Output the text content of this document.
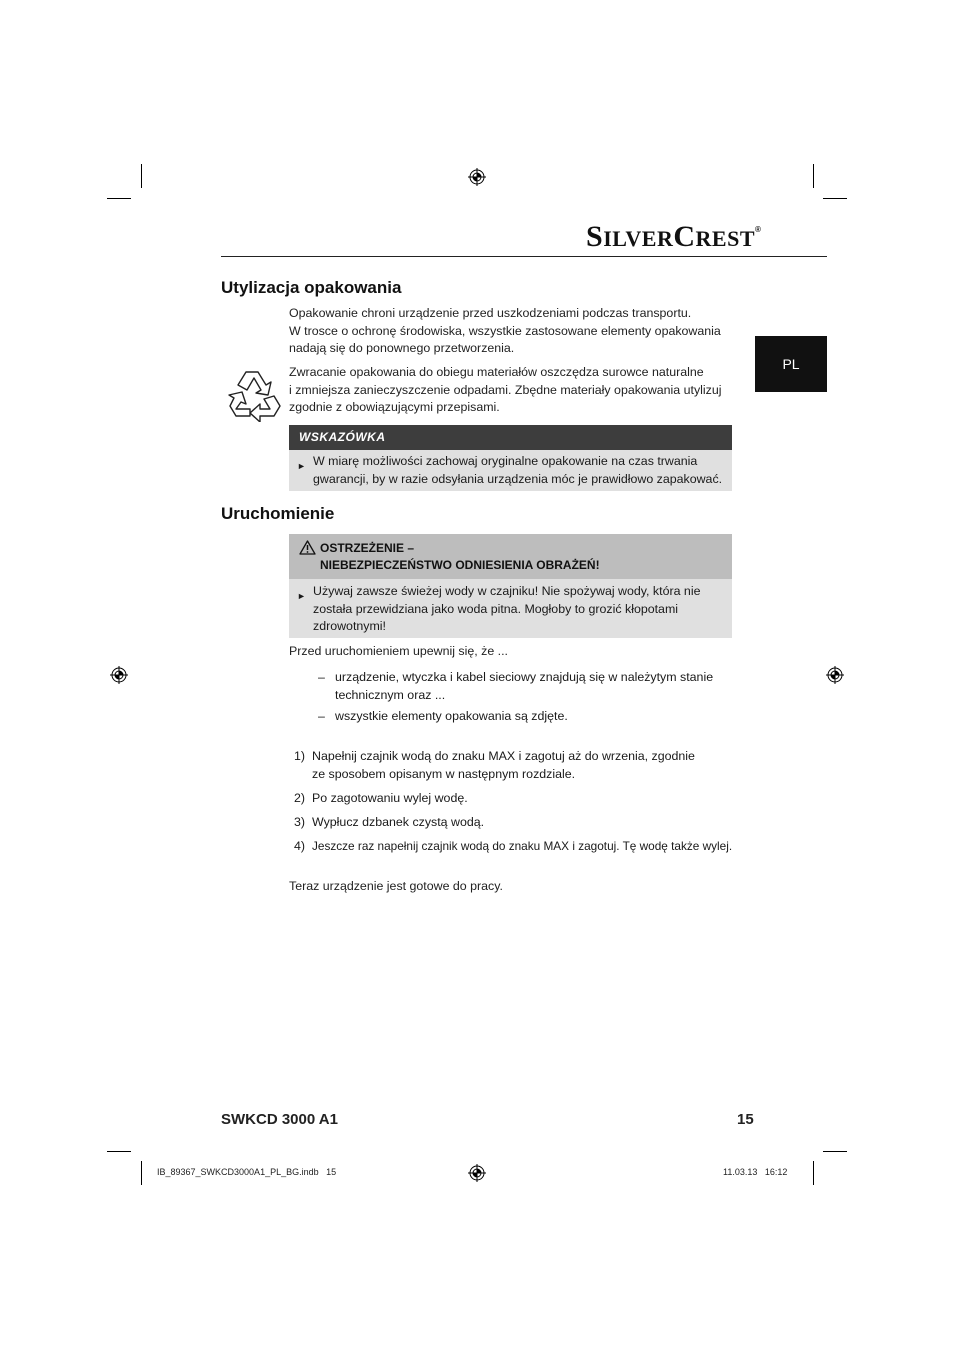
SILVERCREST®
PL
Utylizacja opakowania
Opakowanie chroni urządzenie przed uszkodzeniami podczas transportu.
W trosce o ochronę środowiska, wszystkie zastosowane elementy opakowania
nadają się do ponownego przetworzenia.
Zwracanie opakowania do obiegu materiałów oszczędza surowce naturalne
i zmniejsza zanieczyszczenie odpadami. Zbędne materiały opakowania utylizuj
zgodnie z obowiązującymi przepisami.
WSKAZÓWKA
► W miarę możliwości zachowaj oryginalne opakowanie na czas trwania
gwarancji, by w razie odsyłania urządzenia móc je prawidłowo zapakować.
Uruchomienie
OSTRZEŻENIE –
NIEBEZPIECZEŃSTWO ODNIESIENIA OBRAŻEŃ!
► Używaj zawsze świeżej wody w czajniku! Nie spożywaj wody, która nie
została przewidziana jako woda pitna. Mogłoby to grozić kłopotami
zdrowotnymi!
Przed uruchomieniem upewnij się, że ...
– urządzenie, wtyczka i kabel sieciowy znajdują się w należytym stanie
technicznym oraz ...
– wszystkie elementy opakowania są zdjęte.
1) Napełnij czajnik wodą do znaku MAX i zagotuj aż do wrzenia, zgodnie
ze sposobem opisanym w następnym rozdziale.
2) Po zagotowaniu wylej wodę.
3) Wypłucz dzbanek czystą wodą.
4) Jeszcze raz napełnij czajnik wodą do znaku MAX i zagotuj. Tę wodę także wylej.
Teraz urządzenie jest gotowe do pracy.
SWKCD 3000 A1	15
IB_89367_SWKCD3000A1_PL_BG.indb   15	11.03.13   16:12
